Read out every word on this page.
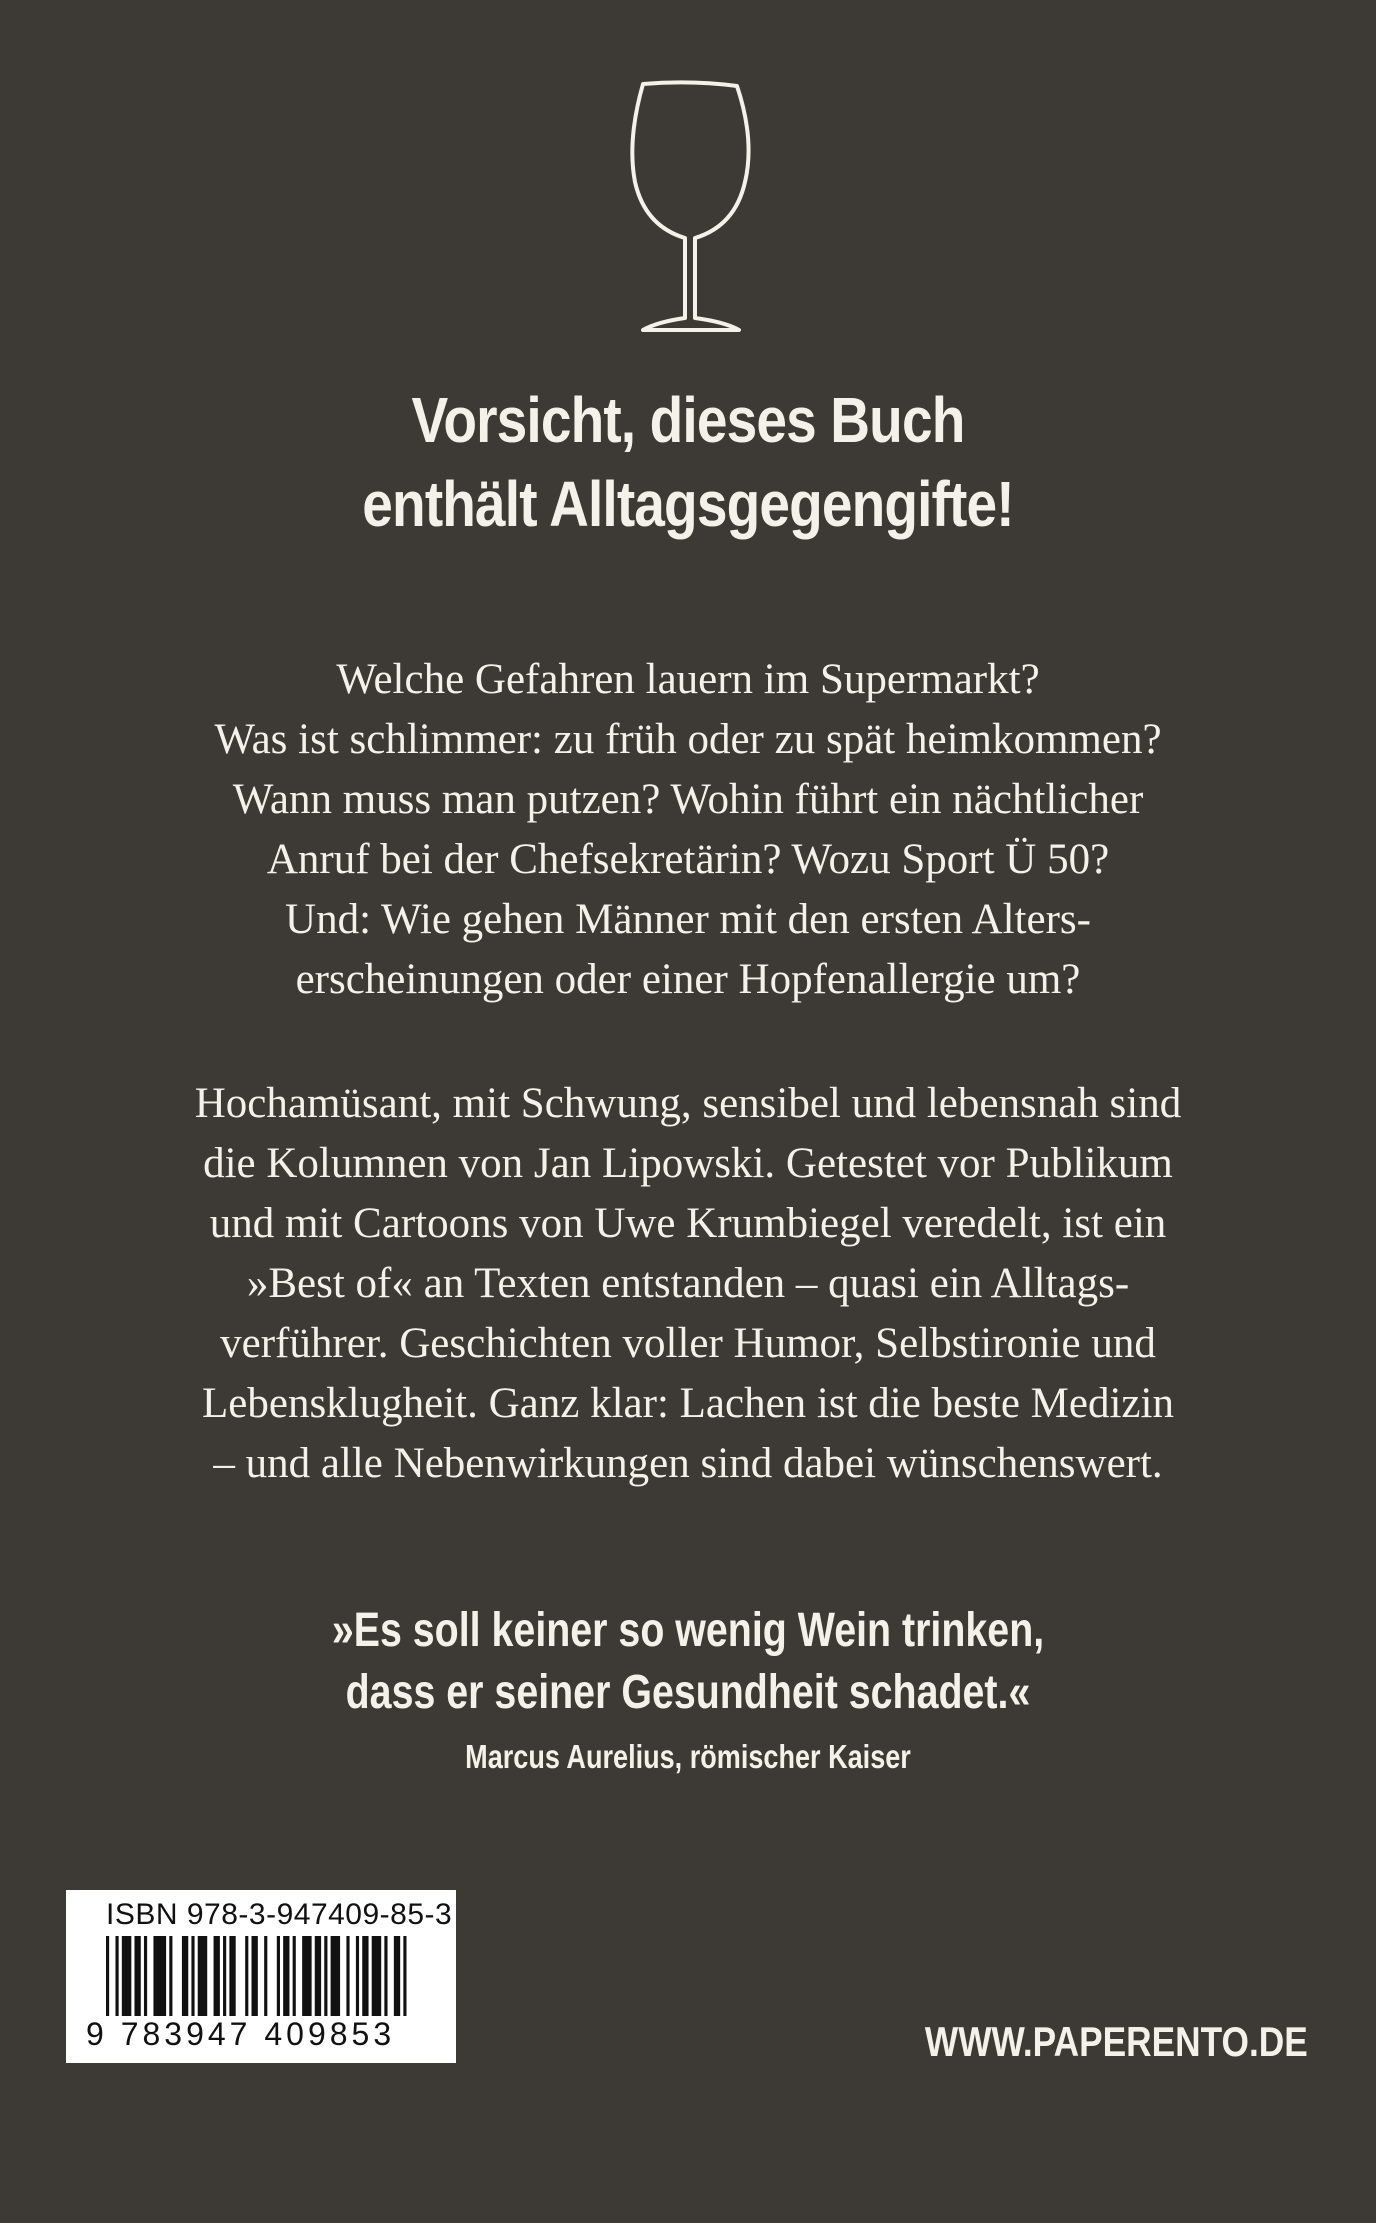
Vorsicht, dieses Buch
enthält Alltagsgegengifte!
Welche Gefahren lauern im Supermarkt?
Was ist schlimmer: zu früh oder zu spät heimkommen?
Wann muss man putzen? Wohin führt ein nächtlicher
Anruf bei der Chefsekretärin? Wozu Sport Ü 50?
Und: Wie gehen Männer mit den ersten Alters-
erscheinungen oder einer Hopfenallergie um?
Hochamüsant, mit Schwung, sensibel und lebensnah sind
die Kolumnen von Jan Lipowski. Getestet vor Publikum
und mit Cartoons von Uwe Krumbiegel veredelt, ist ein
»Best of« an Texten entstanden – quasi ein Alltags-
verführer. Geschichten voller Humor, Selbstironie und
Lebensklugheit. Ganz klar: Lachen ist die beste Medizin
– und alle Nebenwirkungen sind dabei wünschenswert.
»Es soll keiner so wenig Wein trinken,
dass er seiner Gesundheit schadet.«
Marcus Aurelius, römischer Kaiser
ISBN 978-3-947409-85-3
9 783947 409853	WWW.PAPERENTO.DE
